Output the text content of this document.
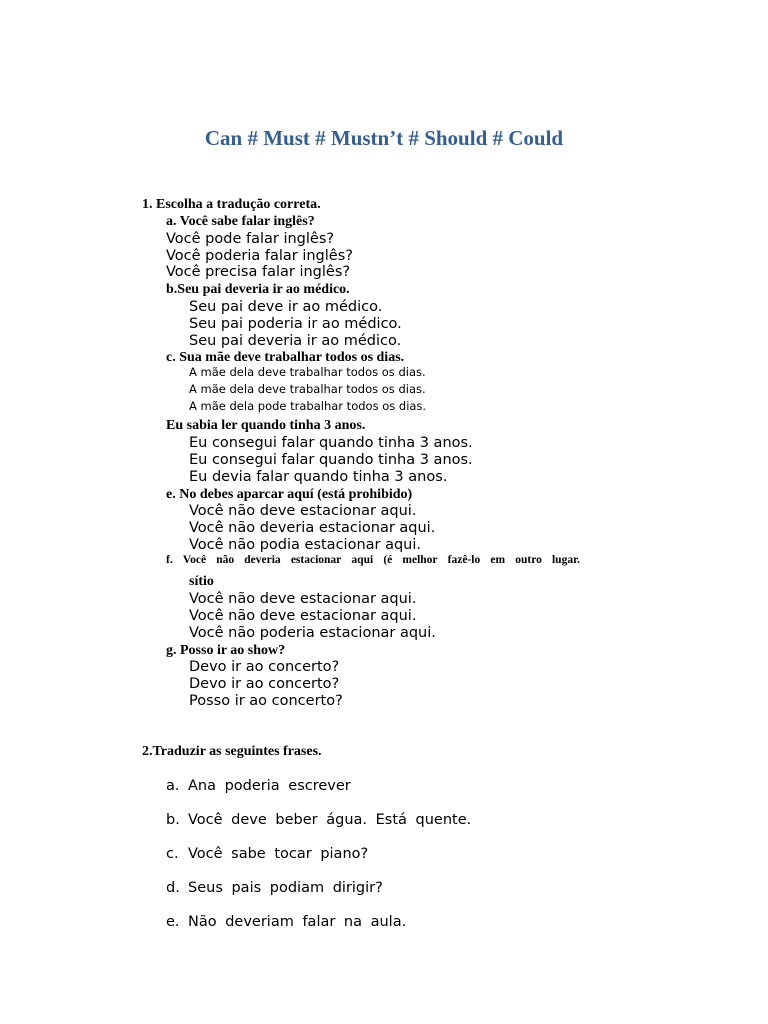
Can # Must # Mustn’t # Should # Could

1. Escolha a tradução correta.

a. Você sabe falar inglês?

Você pode falar inglês?

Você poderia falar inglês?

Você precisa falar inglês?

b.Seu pai deveria ir ao médico.

Seu pai deve ir ao médico.

Seu pai poderia ir ao médico.

Seu pai deveria ir ao médico.

c. Sua mãe deve trabalhar todos os dias.

A mãe dela deve trabalhar todos os dias.

A mãe dela deve trabalhar todos os dias.

A mãe dela pode trabalhar todos os dias.

Eu sabia ler quando tinha 3 anos.

Eu consegui falar quando tinha 3 anos.

Eu consegui falar quando tinha 3 anos.

Eu devia falar quando tinha 3 anos.

e. No debes aparcar aquí (está prohibido)

Você não deve estacionar aqui.

Você não deveria estacionar aqui.

Você não podia estacionar aqui.

f. Você não deveria estacionar aqui (é melhor fazê-lo em outro lugar.

sítio

Você não deve estacionar aqui.

Você não deve estacionar aqui.

Você não poderia estacionar aqui.

g. Posso ir ao show?

Devo ir ao concerto?

Devo ir ao concerto?

Posso ir ao concerto?

2.Traduzir as seguintes frases.

a. Ana poderia escrever
b. Você deve beber água. Está quente.
c. Você sabe tocar piano?
d. Seus pais podiam dirigir?
e. Não deveriam falar na aula.
